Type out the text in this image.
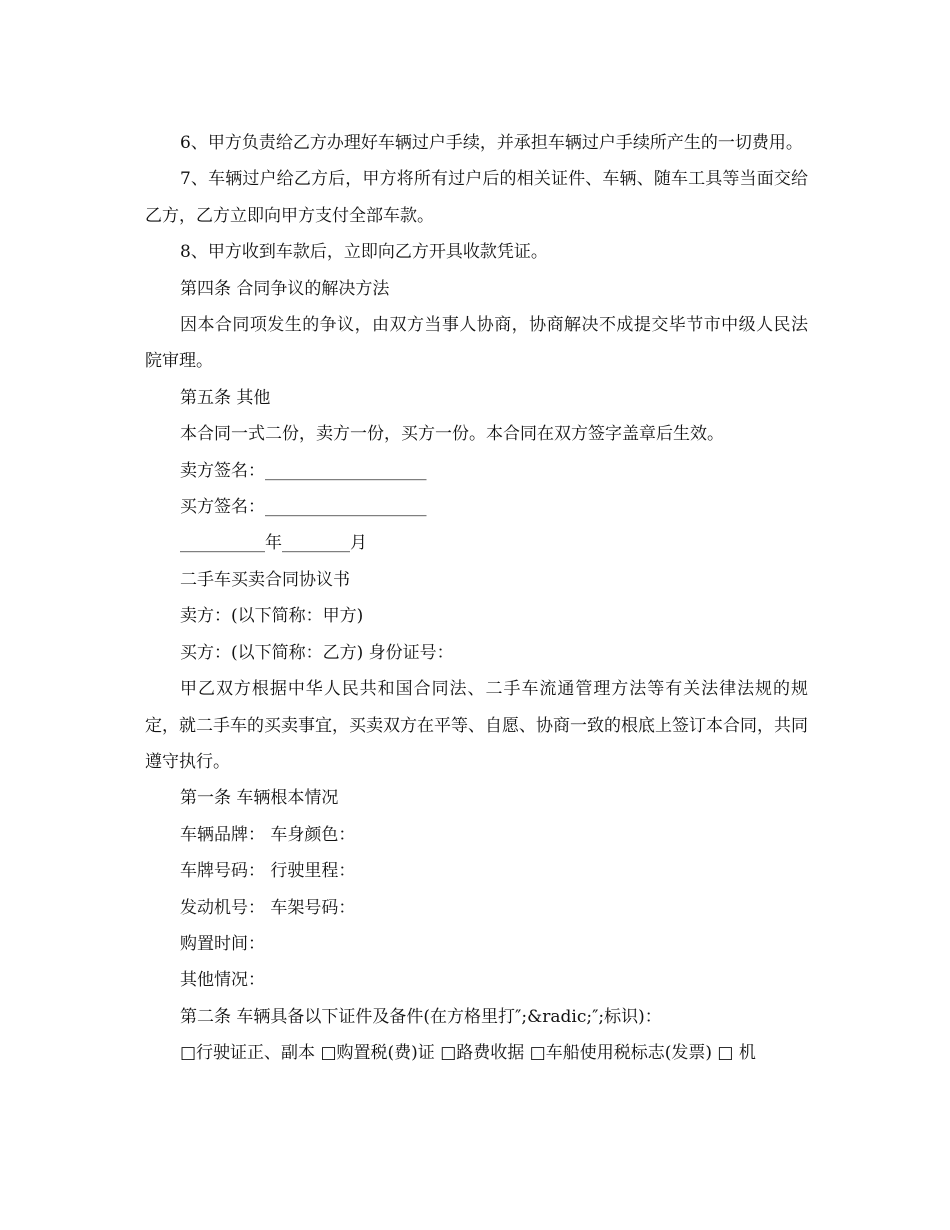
6、甲方负责给乙方办理好车辆过户手续，并承担车辆过户手续所产生的一切费用。

7、车辆过户给乙方后，甲方将所有过户后的相关证件、车辆、随车工具等当面交给乙方，乙方立即向甲方支付全部车款。

8、甲方收到车款后，立即向乙方开具收款凭证。

第四条 合同争议的解决方法

因本合同项发生的争议，由双方当事人协商，协商解决不成提交毕节市中级人民法院审理。

第五条 其他

本合同一式二份，卖方一份，买方一份。本合同在双方签字盖章后生效。

卖方签名：___________________

买方签名：___________________

__________年________月

二手车买卖合同协议书

卖方：(以下简称：甲方)

买方：(以下简称：乙方) 身份证号：

甲乙双方根据中华人民共和国合同法、二手车流通管理方法等有关法律法规的规定，就二手车的买卖事宜，买卖双方在平等、自愿、协商一致的根底上签订本合同，共同遵守执行。

第一条 车辆根本情况

车辆品牌： 车身颜色：

车牌号码： 行驶里程：

发动机号： 车架号码：

购置时间：

其他情况：

第二条 车辆具备以下证件及备件(在方格里打″;&radic;″;标识)：

□行驶证正、副本 □购置税(费)证 □路费收据 □车船使用税标志(发票) □ 机
